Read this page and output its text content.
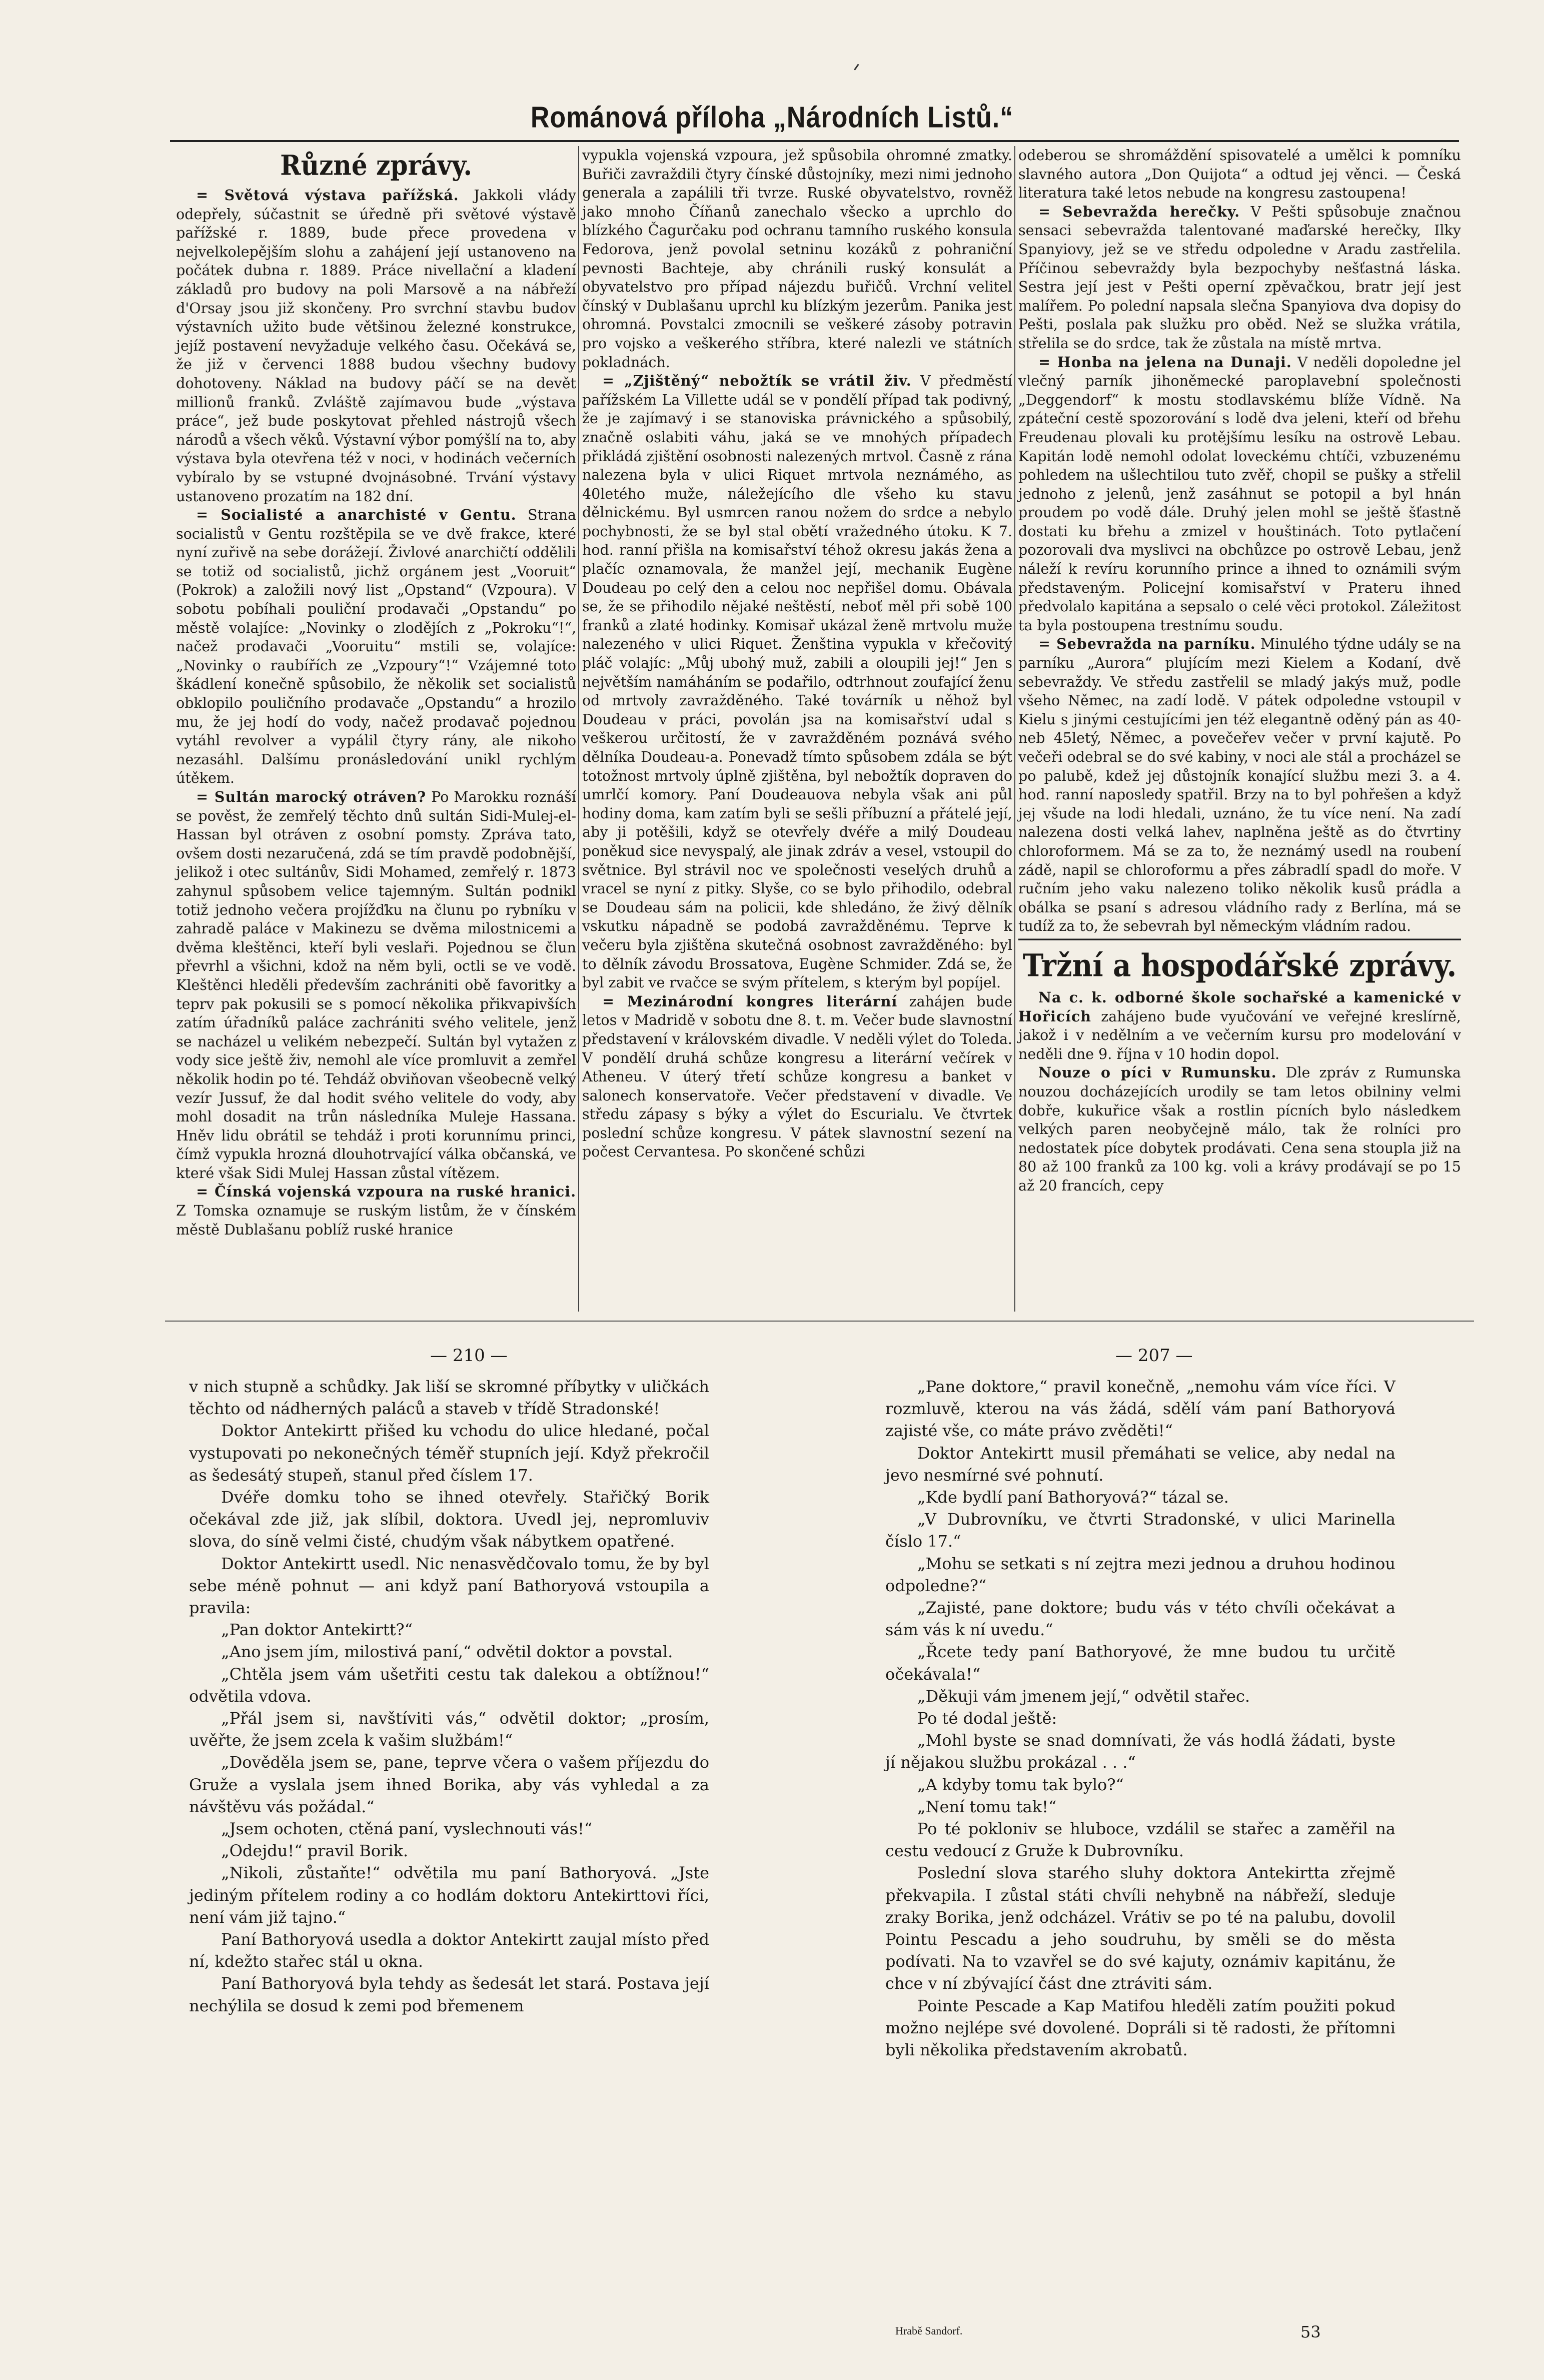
Románová příloha „Národních Listů.“
Různé zprávy.

= Světová výstava pařížská. Jakkoli vlády odepřely, súčastnit se úředně při světové výstavě pařížské r. 1889, bude přece provedena v nejvelkolepějším slohu a zahájení její ustanoveno na počátek dubna r. 1889. Práce nivellační a kladení základů pro budovy na poli Marsově a na nábřeží d'Orsay jsou již skončeny. Pro svrchní stavbu budov výstavních užito bude většinou železné konstrukce, jejíž postavení nevyžaduje velkého času. Očekává se, že již v červenci 1888 budou všechny budovy dohotoveny. Náklad na budovy páčí se na devět millionů franků. Zvláště zajímavou bude „výstava práce“, jež bude poskytovat přehled nástrojů všech národů a všech věků. Výstavní výbor pomýšlí na to, aby výstava byla otevřena též v noci, v hodinách večerních vybíralo by se vstupné dvojnásobné. Trvání výstavy ustanoveno prozatím na 182 dní.

= Socialisté a anarchisté v Gentu. Strana socialistů v Gentu rozštěpila se ve dvě frakce, které nyní zuřivě na sebe dorážejí. Živlové anarchičtí oddělili se totiž od socialistů, jichž orgánem jest „Vooruit“ (Pokrok) a založili nový list „Opstand“ (Vzpoura). V sobotu pobíhali pouliční prodavači „Opstandu“ po městě volajíce: „Novinky o zlodějích z „Pokroku“!“, načež prodavači „Vooruitu“ mstili se, volajíce: „Novinky o raubířích ze „Vzpoury“!“ Vzájemné toto škádlení konečně spůsobilo, že několik set socialistů obklopilo pouličního prodavače „Opstandu“ a hrozilo mu, že jej hodí do vody, načež prodavač pojednou vytáhl revolver a vypálil čtyry rány, ale nikoho nezasáhl. Dalšímu pronásledování unikl rychlým útěkem.

= Sultán marocký otráven? Po Marokku roznáší se pověst, že zemřelý těchto dnů sultán Sidi-Mulej-el-Hassan byl otráven z osobní pomsty. Zpráva tato, ovšem dosti nezaručená, zdá se tím pravdě podobnější, jelikož i otec sultánův, Sidi Mohamed, zemřelý r. 1873 zahynul spůsobem velice tajemným. Sultán podnikl totiž jednoho večera projížďku na člunu po rybníku v zahradě paláce v Makinezu se dvěma milostnicemi a dvěma kleštěnci, kteří byli veslaři. Pojednou se člun převrhl a všichni, kdož na něm byli, octli se ve vodě. Kleštěnci hleděli především zachrániti obě favoritky a teprv pak pokusili se s pomocí několika přikvapivších zatím úřadníků paláce zachrániti svého velitele, jenž se nacházel u velikém nebezpečí. Sultán byl vytažen z vody sice ještě živ, nemohl ale více promluvit a zemřel několik hodin po té. Tehdáž obviňovan všeobecně velký vezír Jussuf, že dal hodit svého velitele do vody, aby mohl dosadit na trůn následníka Muleje Hassana. Hněv lidu obrátil se tehdáž i proti korunnímu princi, čímž vypukla hrozná dlouhotrvající válka občanská, ve které však Sidi Mulej Hassan zůstal vítězem.

= Čínská vojenská vzpoura na ruské hranici. Z Tomska oznamuje se ruským listům, že v čínském městě Dublašanu poblíž ruské hranice

vypukla vojenská vzpoura, jež spůsobila ohromné zmatky. Buřiči zavraždili čtyry čínské důstojníky, mezi nimi jednoho generala a zapálili tři tvrze. Ruské obyvatelstvo, rovněž jako mnoho Číňanů zanechalo všecko a uprchlo do blízkého Čagurčaku pod ochranu tamního ruského konsula Fedorova, jenž povolal setninu kozáků z pohraniční pevnosti Bachteje, aby chránili ruský konsulát a obyvatelstvo pro případ nájezdu buřičů. Vrchní velitel čínský v Dublašanu uprchl ku blízkým jezerům. Panika jest ohromná. Povstalci zmocnili se veškeré zásoby potravin pro vojsko a veškerého stříbra, které nalezli ve státních pokladnách.

= „Zjištěný“ nebožtík se vrátil živ. V předměstí pařížském La Villette udál se v pondělí případ tak podivný, že je zajímavý i se stanoviska právnického a spůsobilý, značně oslabiti váhu, jaká se ve mnohých případech přikládá zjištění osobnosti nalezených mrtvol. Časně z rána nalezena byla v ulici Riquet mrtvola neznámého, as 40letého muže, náležejícího dle všeho ku stavu dělnickému. Byl usmrcen ranou nožem do srdce a nebylo pochybnosti, že se byl stal obětí vražedného útoku. K 7. hod. ranní přišla na komisařství téhož okresu jakás žena a plačíc oznamovala, že manžel její, mechanik Eugène Doudeau po celý den a celou noc nepřišel domu. Obávala se, že se přihodilo nějaké neštěstí, neboť měl při sobě 100 franků a zlaté hodinky. Komisař ukázal ženě mrtvolu muže nalezeného v ulici Riquet. Ženština vypukla v křečovitý pláč volajíc: „Můj ubohý muž, zabili a oloupili jej!“ Jen s největším namáháním se podařilo, odtrhnout zoufající ženu od mrtvoly zavražděného. Také továrník u něhož byl Doudeau v práci, povolán jsa na komisařství udal s veškerou určitostí, že v zavražděném poznává svého dělníka Doudeau-a. Ponevadž tímto spůsobem zdála se být totožnost mrtvoly úplně zjištěna, byl nebožtík dopraven do umrlčí komory. Paní Doudeauova nebyla však ani půl hodiny doma, kam zatím byli se sešli příbuzní a přátelé její, aby ji potěšili, když se otevřely dvéře a milý Doudeau poněkud sice nevyspalý, ale jinak zdráv a vesel, vstoupil do světnice. Byl strávil noc ve společnosti veselých druhů a vracel se nyní z pitky. Slyše, co se bylo přihodilo, odebral se Doudeau sám na policii, kde shledáno, že živý dělník vskutku nápadně se podobá zavražděnému. Teprve k večeru byla zjištěna skutečná osobnost zavražděného: byl to dělník závodu Brossatova, Eugène Schmider. Zdá se, že byl zabit ve rvačce se svým přítelem, s kterým byl popíjel.

= Mezinárodní kongres literární zahájen bude letos v Madridě v sobotu dne 8. t. m. Večer bude slavnostní představení v královském divadle. V neděli výlet do Toleda. V pondělí druhá schůze kongresu a literární večírek v Atheneu. V úterý třetí schůze kongresu a banket v salonech konservatoře. Večer představení v divadle. Ve středu zápasy s býky a výlet do Escurialu. Ve čtvrtek poslední schůze kongresu. V pátek slavnostní sezení na počest Cervantesa. Po skončené schůzi

odeberou se shromáždění spisovatelé a umělci k pomníku slavného autora „Don Quijota“ a odtud jej věnci. — Česká literatura také letos nebude na kongresu zastoupena!

= Sebevražda herečky. V Pešti spůsobuje značnou sensaci sebevražda talentované maďarské herečky, Ilky Spanyiovy, jež se ve středu odpoledne v Aradu zastřelila. Příčinou sebevraždy byla bezpochyby nešťastná láska. Sestra její jest v Pešti operní zpěvačkou, bratr její jest malířem. Po polední napsala slečna Spanyiova dva dopisy do Pešti, poslala pak služku pro oběd. Než se služka vrátila, střelila se do srdce, tak že zůstala na místě mrtva.

= Honba na jelena na Dunaji. V neděli dopoledne jel vlečný parník jihoněmecké paroplavební společnosti „Deggendorf“ k mostu stodlavskému blíže Vídně. Na zpáteční cestě spozorování s lodě dva jeleni, kteří od břehu Freudenau plovali ku protějšímu lesíku na ostrově Lebau. Kapitán lodě nemohl odolat loveckému chtíči, vzbuzenému pohledem na ušlechtilou tuto zvěř, chopil se pušky a střelil jednoho z jelenů, jenž zasáhnut se potopil a byl hnán proudem po vodě dále. Druhý jelen mohl se ještě šťastně dostati ku břehu a zmizel v houštinách. Toto pytlačení pozorovali dva myslivci na obchůzce po ostrově Lebau, jenž náleží k revíru korunního prince a ihned to oznámili svým představeným. Policejní komisařství v Prateru ihned předvolalo kapitána a sepsalo o celé věci protokol. Záležitost ta byla postoupena trestnímu soudu.

= Sebevražda na parníku. Minulého týdne udály se na parníku „Aurora“ plujícím mezi Kielem a Kodaní, dvě sebevraždy. Ve středu zastřelil se mladý jakýs muž, podle všeho Němec, na zadí lodě. V pátek odpoledne vstoupil v Kielu s jinými cestujícími jen též elegantně oděný pán as 40- neb 45letý, Němec, a povečeřev večer v první kajutě. Po večeři odebral se do své kabiny, v noci ale stál a procházel se po palubě, kdež jej důstojník konající službu mezi 3. a 4. hod. ranní naposledy spatřil. Brzy na to byl pohřešen a když jej všude na lodi hledali, uznáno, že tu více není. Na zadí nalezena dosti velká lahev, naplněna ještě as do čtvrtiny chloroformem. Má se za to, že neznámý usedl na roubení zádě, napil se chloroformu a přes zábradlí spadl do moře. V ručním jeho vaku nalezeno toliko několik kusů prádla a obálka se psaní s adresou vládního rady z Berlína, má se tudíž za to, že sebevrah byl německým vládním radou.

Tržní a hospodářské zprávy.

Na c. k. odborné škole sochařské a kamenické v Hořicích zahájeno bude vyučování ve veřejné kreslírně, jakož i v nedělním a ve večerním kursu pro modelování v neděli dne 9. října v 10 hodin dopol.

Nouze o píci v Rumunsku. Dle zpráv z Rumunska nouzou docházejících urodily se tam letos obilniny velmi dobře, kukuřice však a rostlin pícních bylo následkem velkých paren neobyčejně málo, tak že rolníci pro nedostatek píce dobytek prodávati. Cena sena stoupla již na 80 až 100 franků za 100 kg. voli a krávy prodávají se po 15 až 20 francích, cepy

— 210 —	— 207 —

v nich stupně a schůdky. Jak liší se skromné příbytky v uličkách těchto od nádherných paláců a staveb v třídě Stradonské!

Doktor Antekirtt přišed ku vchodu do ulice hledané, počal vystupovati po nekonečných téměř stupních její. Když překročil as šedesátý stupeň, stanul před číslem 17.

Dvéře domku toho se ihned otevřely. Stařičký Borik očekával zde již, jak slíbil, doktora. Uvedl jej, nepromluviv slova, do síně velmi čisté, chudým však nábytkem opatřené.

Doktor Antekirtt usedl. Nic nenasvědčovalo tomu, že by byl sebe méně pohnut — ani když paní Bathoryová vstoupila a pravila:

„Pan doktor Antekirtt?“

„Ano jsem jím, milostivá paní,“ odvětil doktor a povstal.

„Chtěla jsem vám ušetřiti cestu tak dalekou a obtížnou!“ odvětila vdova.

„Přál jsem si, navštíviti vás,“ odvětil doktor; „prosím, uvěřte, že jsem zcela k vašim službám!“

„Dověděla jsem se, pane, teprve včera o vašem příjezdu do Gruže a vyslala jsem ihned Borika, aby vás vyhledal a za návštěvu vás požádal.“

„Jsem ochoten, ctěná paní, vyslechnouti vás!“

„Odejdu!“ pravil Borik.

„Nikoli, zůstaňte!“ odvětila mu paní Bathoryová. „Jste jediným přítelem rodiny a co hodlám doktoru Antekirttovi říci, není vám již tajno.“

Paní Bathoryová usedla a doktor Antekirtt zaujal místo před ní, kdežto stařec stál u okna.

Paní Bathoryová byla tehdy as šedesát let stará. Postava její nechýlila se dosud k zemi pod břemenem

„Pane doktore,“ pravil konečně, „nemohu vám více říci. V rozmluvě, kterou na vás žádá, sdělí vám paní Bathoryová zajisté vše, co máte právo zvěděti!“

Doktor Antekirtt musil přemáhati se velice, aby nedal na jevo nesmírné své pohnutí.

„Kde bydlí paní Bathoryová?“ tázal se.

„V Dubrovníku, ve čtvrti Stradonské, v ulici Marinella číslo 17.“

„Mohu se setkati s ní zejtra mezi jednou a druhou hodinou odpoledne?“

„Zajisté, pane doktore; budu vás v této chvíli očekávat a sám vás k ní uvedu.“

„Řcete tedy paní Bathoryové, že mne budou tu určitě očekávala!“

„Děkuji vám jmenem její,“ odvětil stařec.

Po té dodal ještě:

„Mohl byste se snad domnívati, že vás hodlá žádati, byste jí nějakou službu prokázal . . .“

„A kdyby tomu tak bylo?“

„Není tomu tak!“

Po té pokloniv se hluboce, vzdálil se stařec a zaměřil na cestu vedoucí z Gruže k Dubrovníku.

Poslední slova starého sluhy doktora Antekirtta zřejmě překvapila. I zůstal státi chvíli nehybně na nábřeží, sleduje zraky Borika, jenž odcházel. Vrátiv se po té na palubu, dovolil Pointu Pescadu a jeho soudruhu, by směli se do města podívati. Na to vzavřel se do své kajuty, oznámiv kapitánu, že chce v ní zbývající část dne ztráviti sám.

Pointe Pescade a Kap Matifou hleděli zatím použiti pokud možno nejlépe své dovolené. Dopráli si tě radosti, že přítomni byli několika představením akrobatů.

Hrabě Sandorf.	53
